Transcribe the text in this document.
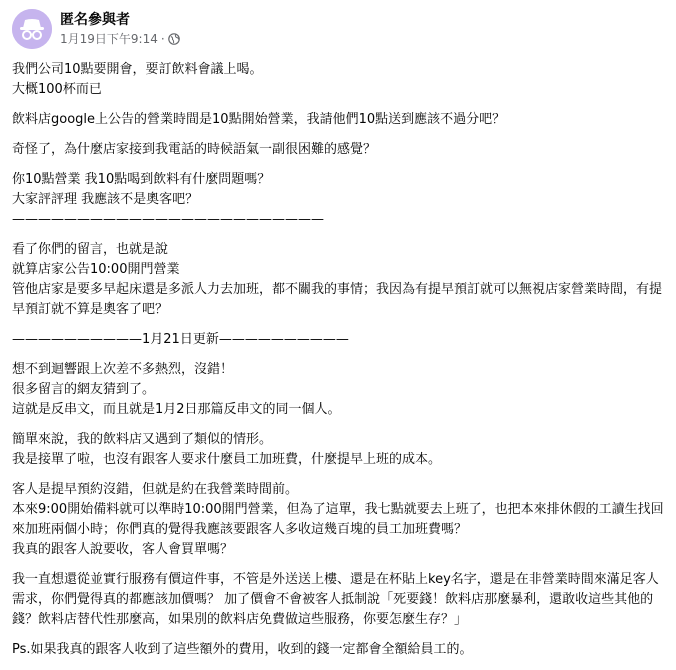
匿名參與者
1月19日下午9:14 ·
我們公司10點要開會，要訂飲料會議上喝。
大概100杯而已
飲料店google上公告的營業時間是10點開始營業，我請他們10點送到應該不過分吧？
奇怪了，為什麼店家接到我電話的時候語氣一副很困難的感覺？
你10點營業 我10點喝到飲料有什麼問題嗎？
大家評評理 我應該不是奧客吧？
————————————————————————
看了你們的留言，也就是說
就算店家公告10:00開門營業
管他店家是要多早起床還是多派人力去加班，都不關我的事情；我因為有提早預訂就可以無視店家營業時間，有提早預訂就不算是奧客了吧？
——————————1月21日更新——————————
想不到迴響跟上次差不多熱烈，沒錯！
很多留言的網友猜到了。
這就是反串文，而且就是1月2日那篇反串文的同一個人。
簡單來說，我的飲料店又遇到了類似的情形。
我是接單了啦，也沒有跟客人要求什麼員工加班費，什麼提早上班的成本。
客人是提早預約沒錯，但就是約在我營業時間前。
本來9:00開始備料就可以準時10:00開門營業，但為了這單，我七點就要去上班了，也把本來排休假的工讀生找回來加班兩個小時；你們真的覺得我應該要跟客人多收這幾百塊的員工加班費嗎？
我真的跟客人說要收，客人會買單嗎？
我一直想還從並實行服務有價這件事，不管是外送送上樓、還是在杯貼上key名字，還是在非營業時間來滿足客人需求，你們覺得真的都應該加價嗎？ 加了價會不會被客人抵制說「死要錢！飲料店那麼暴利，還敢收這些其他的錢？飲料店替代性那麼高，如果別的飲料店免費做這些服務，你要怎麼生存？」
Ps.如果我真的跟客人收到了這些額外的費用，收到的錢一定都會全額給員工的。
